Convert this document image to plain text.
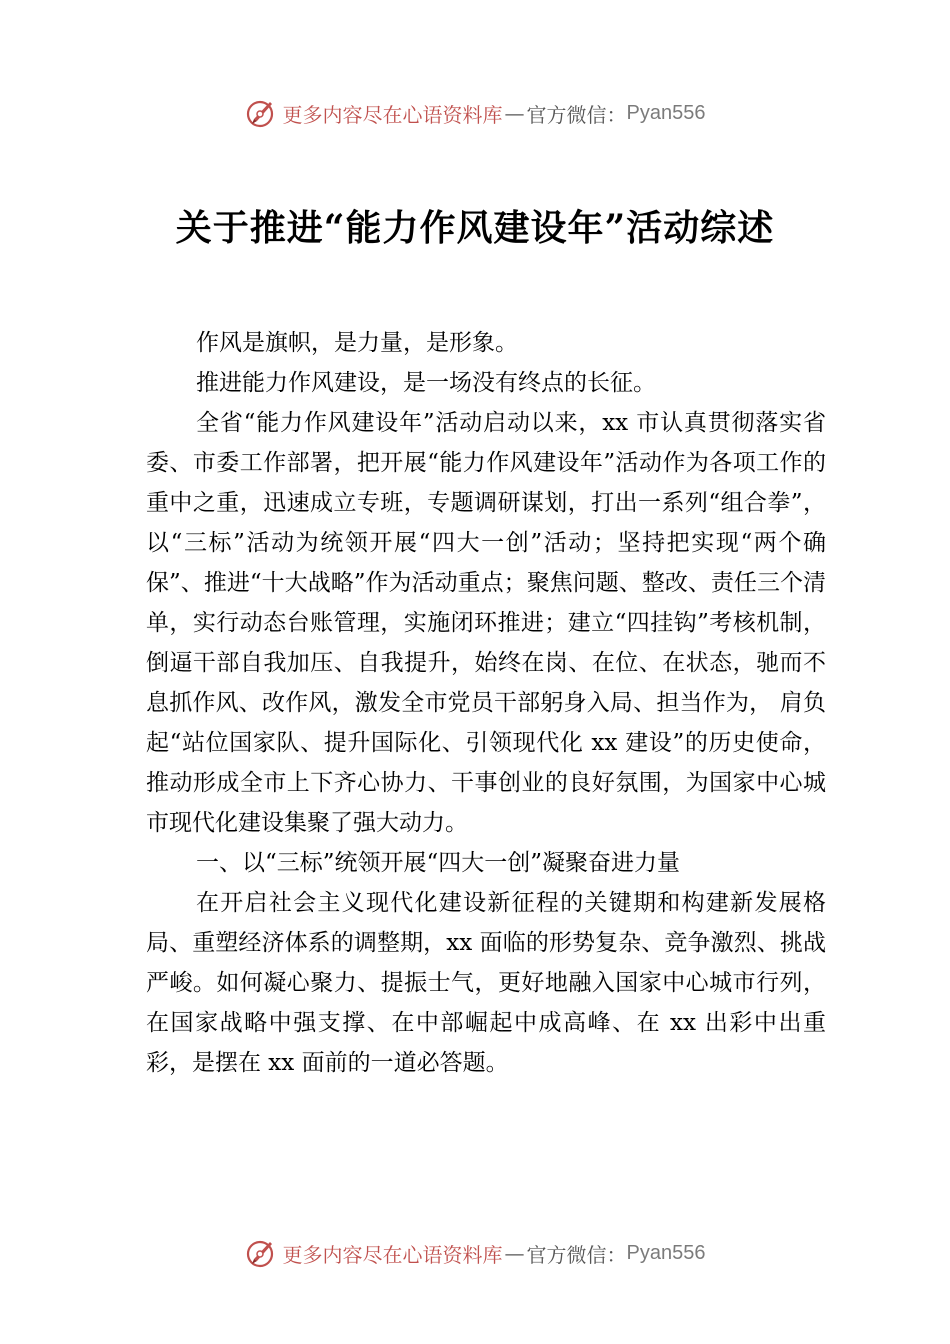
更多内容尽在心语资料库 — 官方微信： Pyan556
关于推进“能力作风建设年”活动综述

作风是旗帜，是力量，是形象。

推进能力作风建设，是一场没有终点的长征。

全省“能力作风建设年”活动启动以来，xx 市认真贯彻落实省委、市委工作部署，把开展“能力作风建设年”活动作为各项工作的重中之重，迅速成立专班，专题调研谋划，打出一系列“组合拳”，以“三标”活动为统领开展“四大一创”活动；坚持把实现“两个确保”、推进“十大战略”作为活动重点；聚焦问题、整改、责任三个清单，实行动态台账管理，实施闭环推进；建立“四挂钩”考核机制，倒逼干部自我加压、自我提升，始终在岗、在位、在状态，驰而不息抓作风、改作风，激发全市党员干部躬身入局、担当作为， 肩负起“站位国家队、提升国际化、引领现代化 xx 建设”的历史使命，推动形成全市上下齐心协力、干事创业的良好氛围，为国家中心城市现代化建设集聚了强大动力。

一、以“三标”统领开展“四大一创”凝聚奋进力量

在开启社会主义现代化建设新征程的关键期和构建新发展格局、重塑经济体系的调整期，xx 面临的形势复杂、竞争激烈、挑战严峻。如何凝心聚力、提振士气，更好地融入国家中心城市行列，在国家战略中强支撑、在中部崛起中成高峰、在 xx 出彩中出重彩，是摆在 xx 面前的一道必答题。

更多内容尽在心语资料库 — 官方微信： Pyan556
